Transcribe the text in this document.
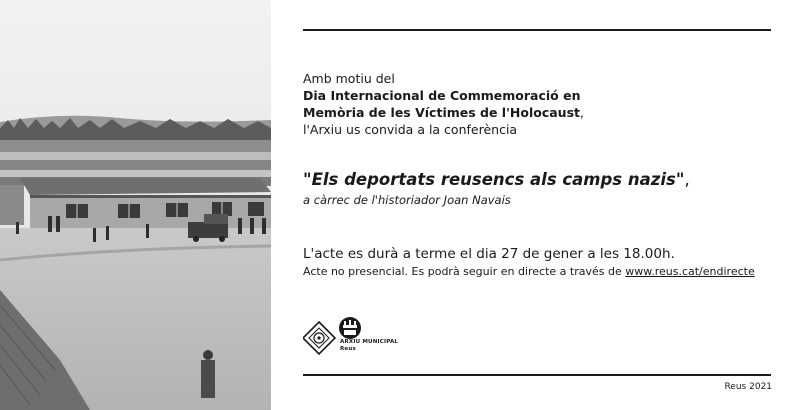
Amb motiu del
Dia Internacional de Commemoració en
Memòria de les Víctimes de l'Holocaust,
l'Arxiu us convida a la conferència
"Els deportats reusencs als camps nazis",
a càrrec de l'historiador Joan Navais
L'acte es durà a terme el dia 27 de gener a les 18.00h.
Acte no presencial. Es podrà seguir en directe a través de www.reus.cat/endirecte
ARXIU MUNICIPAL
Reus
Reus 2021
